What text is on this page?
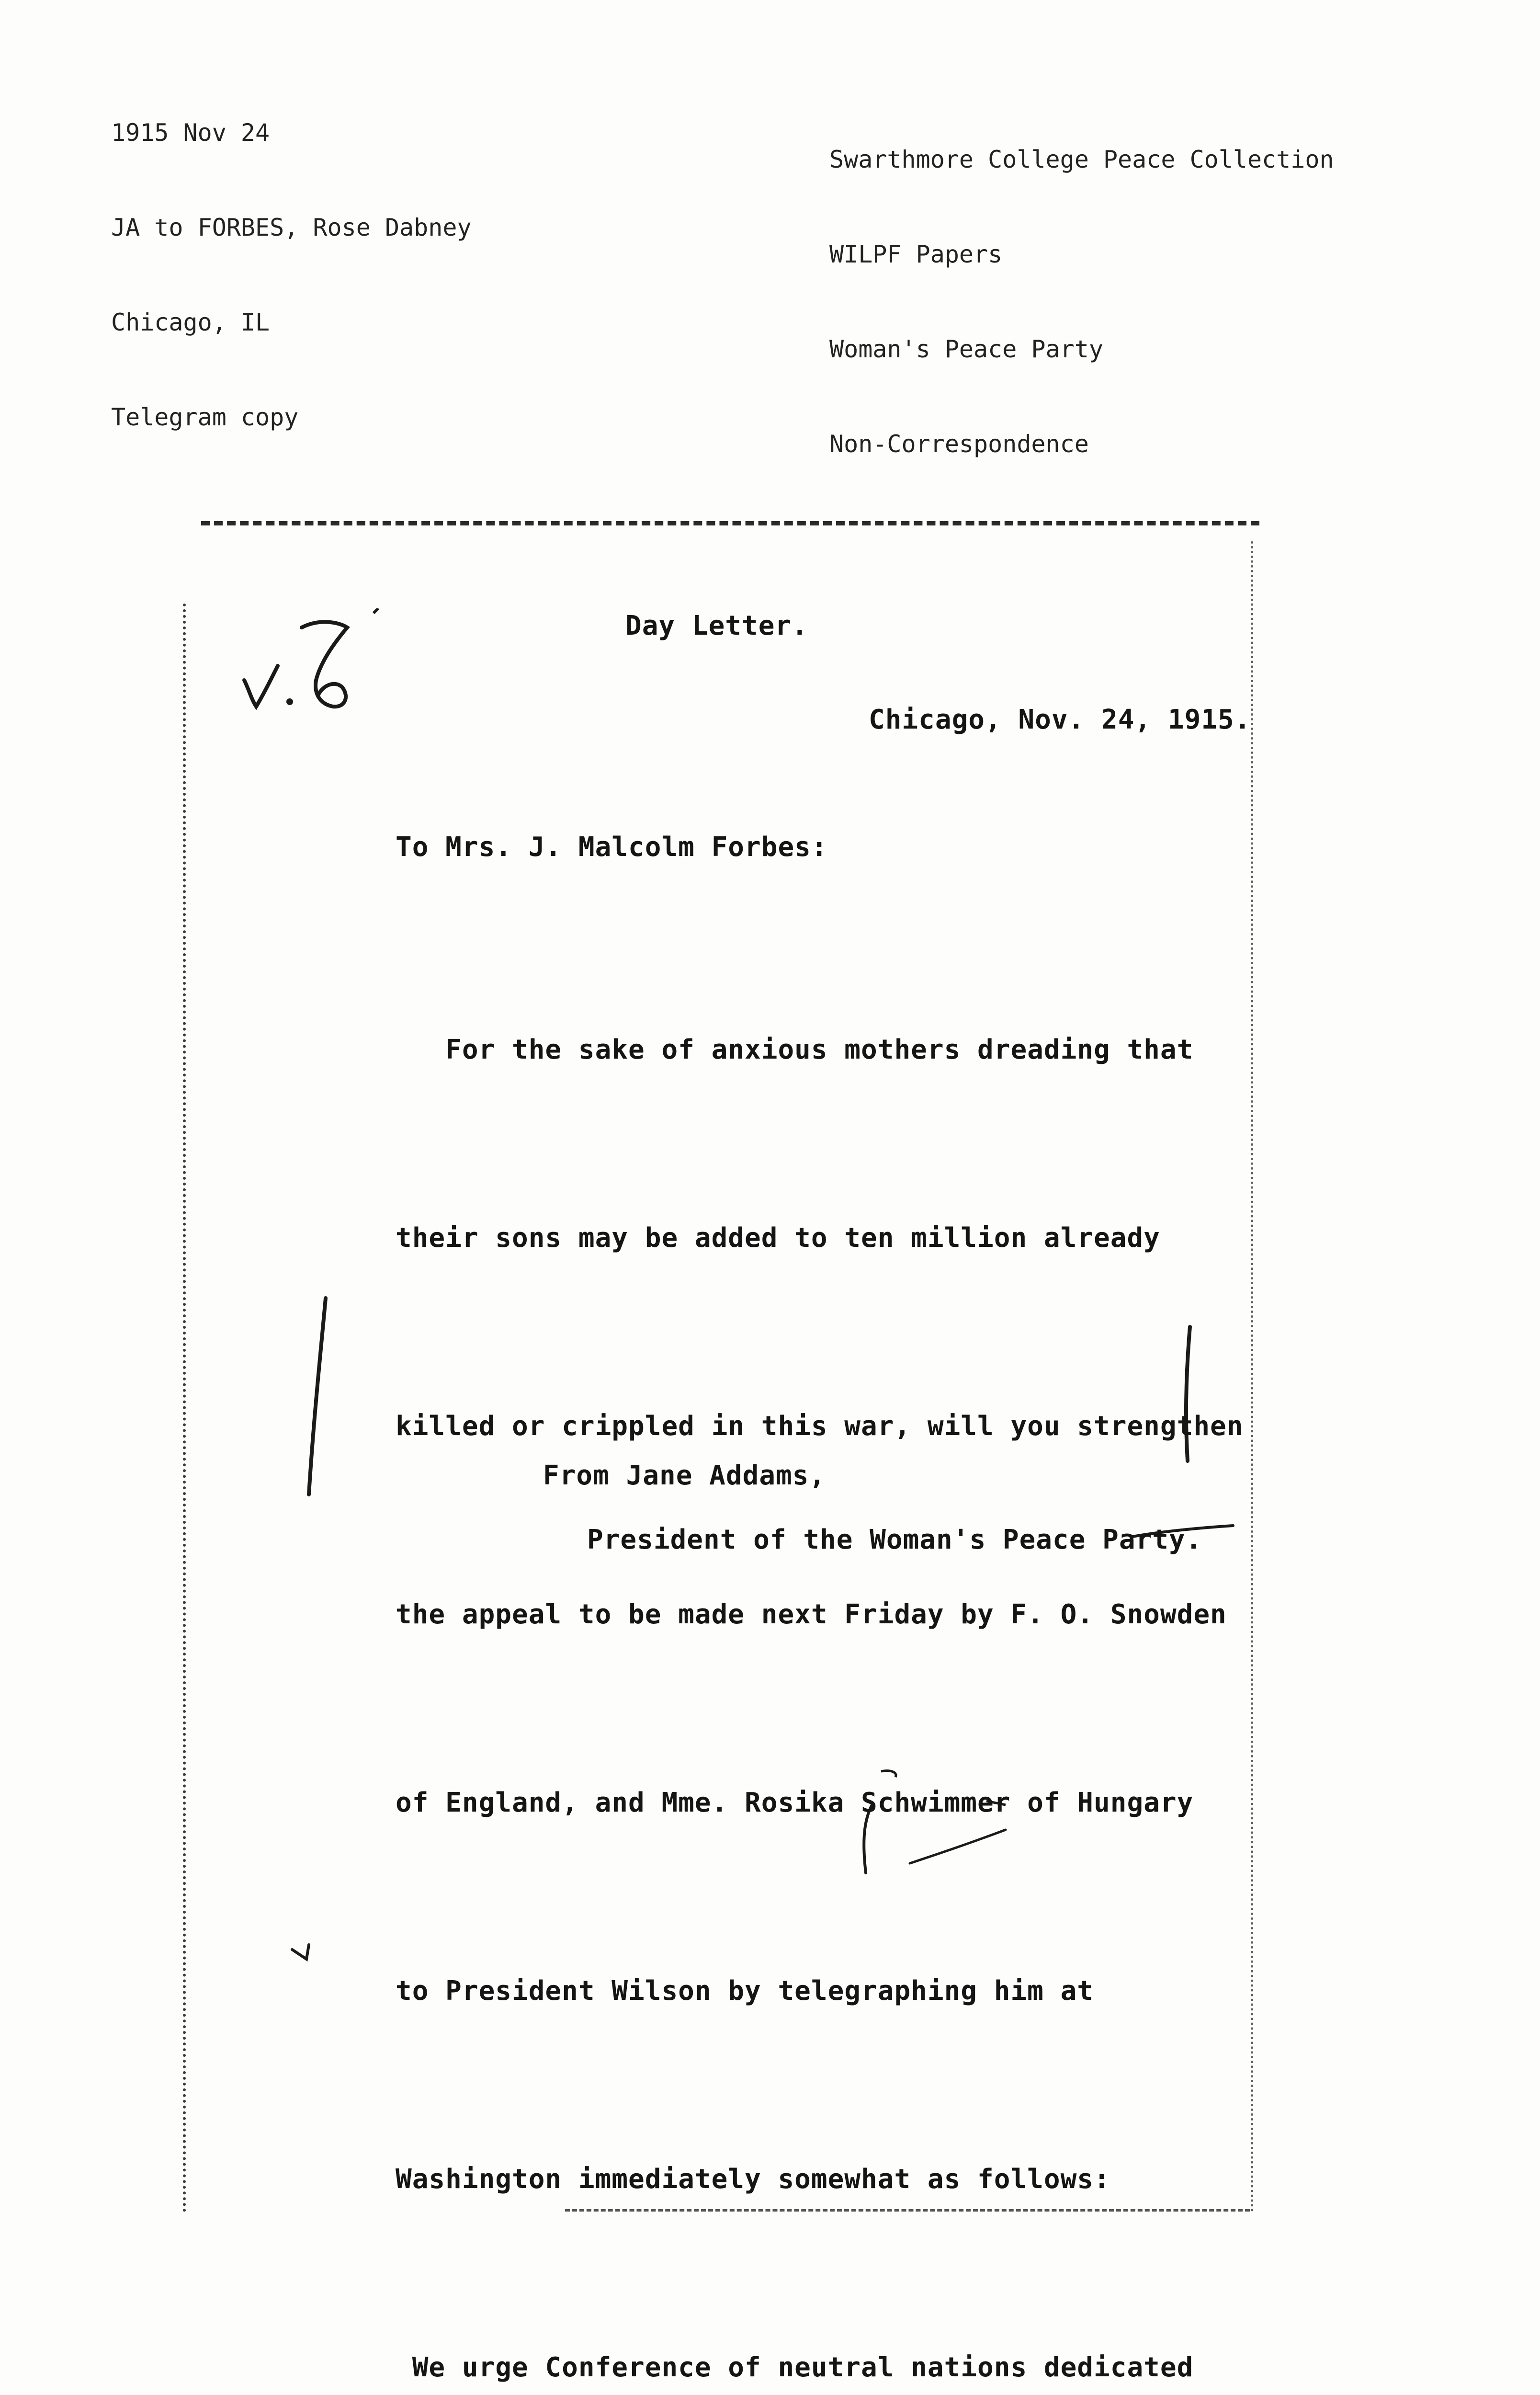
1915 Nov 24

JA to FORBES, Rose Dabney

Chicago, IL

Telegram copy

Swarthmore College Peace Collection

WILPF Papers

Woman's Peace Party

Non-Correspondence

Day Letter.
Chicago, Nov. 24, 1915.
To Mrs. J. Malcolm Forbes:

For the sake of anxious mothers dreading that

their sons may be added to ten million already

killed or crippled in this war, will you strengthen

the appeal to be made next Friday by F. O. Snowden

of England, and Mme. Rosika Schwimmer of Hungary

to President Wilson by telegraphing him at

Washington immediately somewhat as follows:

We urge Conference of neutral nations dedicated

From Jane Addams,
President of the Woman's Peace Party.
